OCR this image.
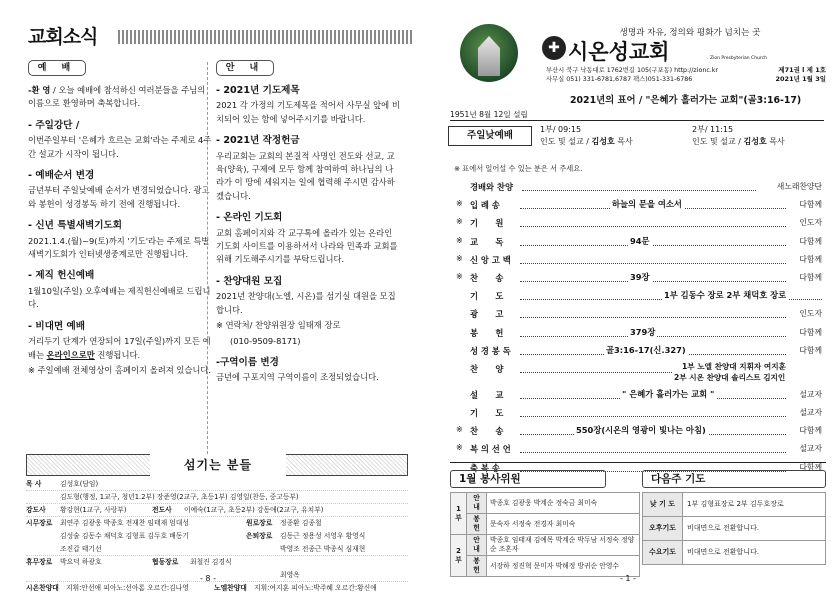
교회소식
예 배

-환 영 / 오늘 예배에 참석하신 여러분들을 주님의 이름으로 환영하며 축복합니다.

- 주일강단 /

이번주일부터 '은혜가 흐르는 교회'라는 주제로 4주간 설교가 시작이 됩니다.

- 예배순서 변경

금년부터 주일낮예배 순서가 변경되었습니다. 광고와 봉헌이 성경봉독 하기 전에 진행됩니다.

- 신년 특별새벽기도회

2021.1.4.(월)~9(토)까지 '기도'라는 주제로 특별새벽기도회가 인터넷생중계로만 진행됩니다.

- 제직 헌신예배

1월10일(주일) 오후예배는 제직헌신예배로 드립니다.

- 비대면 예배

거리두기 단계가 연장되어 17일(주일)까지 모든 예배는 온라인으로만 진행됩니다.

※ 주일예배 전체영상이 홈페이지 올려져 있습니다.

안 내
- 2021년 기도제목

2021 각 가정의 기도제목을 적어서 사무실 앞에 비치되어 있는 함에 넣어주시기를 바랍니다.

- 2021년 작정헌금

우리교회는 교회의 본질적 사명인 전도와 선교, 교육(양육), 구제에 모두 함께 참여하여 하나님의 나라가 이 땅에 세워지는 일에 협력해 주시면 감사하겠습니다.

- 온라인 기도회

교회 홈페이지와 각 교구톡에 올라가 있는 온라인 기도회 사이트를 이용하셔서 나라와 민족과 교회를 위해 기도해주시기를 부탁드립니다.

- 찬양대원 모집

2021년 찬양대(노엘, 시온)를 섬기실 대원을 모집합니다.

※ 연락처/ 찬양위원장 임태재 장로

(010-9509-8171)

-구역이름 변경

금년에 구포지역 구역이름이 조정되었습니다.

섬기는 분들
목 사	김성호(담임)
김도형(행정, 1교구, 청년1.2부) 장준영(2교구, 초등1부) 김영일(찬등, 중고등부)
강도사 황강현(1교구, 사랑부)	전도사 이예숙(1교구, 초등2부) 강동애(2교구, 유치부)
시무장로 최연주 김광웅 박종호 전재찬 임태재 엄대성	원로장로 정종환 김종철
김성술 김동수 채덕호 김형표 김두호 배동기	은퇴장로 김동근 정용성 서영우 황영식
조진갑 태기선	박영조 전종근 박종식 심재현
휴무장로 박요덕 하광호	협동장로 최철진 김경식
최영옥
시온찬양대 지휘:안선애 피아노:선아롬 오르간:김나영	노엘찬양대 지휘:여지훈 피아노:박주혜 오르간:황신애
- 8 -
생명과 자유, 정의와 평화가 넘치는 곳
✚ 시온성교회	Zion Presbyterian Church
부산시 북구 낙동대로 1762번길 105(구포동) http://zionc.kr
사무실 051) 331-6781,6787 팩스)051-331-6786
제71권 l 제 1호
2021년 1월 3일
2021년의 표어 / "은혜가 흘러가는 교회"(골3:16-17)
1951년 8월 12일 설립
주일낮예배
1부/ 09:15
인도 및 설교 / 김성호 목사
2부/ 11:15
인도 및 설교 / 김성호 목사
※ 표에서 일어설 수 있는 분은 서 주세요.
경배와 찬양	새노래찬양단
※ 입 례 송	하늘의 문을 여소서	다함께
※ 기      원	인도자
※ 교      독	94문	다함께
※ 신 앙 고 백	다함께
※ 찬      송	39장	다함께
기      도	1부 김동수 장로 2부 채덕호 장로
광      고	인도자
봉      헌	379장	다함께
성 경 봉 독	골3:16-17(신.327)	다함께
찬      양	1부 노엘 찬양대 지휘자 여지훈
2부 시온 찬양대 솔리스트 김지인
설      교	" 은혜가 흘러가는 교회 "	설교자
기      도	설교자
※ 찬      송	550장(시온의 영광이 빛나는 아침)	다함께
※ 복 의 선 언	설교자
축 복 송	다함께
1월 봉사위원
1부	안내	박종호 김광웅 박계순 정숙금 최미숙
	봉헌	문숙자 서정숙 전경자 최미숙
2부	안내	박종호 임태재 김예목 박계순 박두남 서정숙 정양순 조혼자
	봉헌	서장하 정진혁 문미자 박해정 방귀순 안영수
다음주 기도
낮 기 도	1부 김형표장로 2부 김두호장로
오후기도	비대면으로 전환합니다.
수요기도	비대면으로 전환합니다.
- 1 -
